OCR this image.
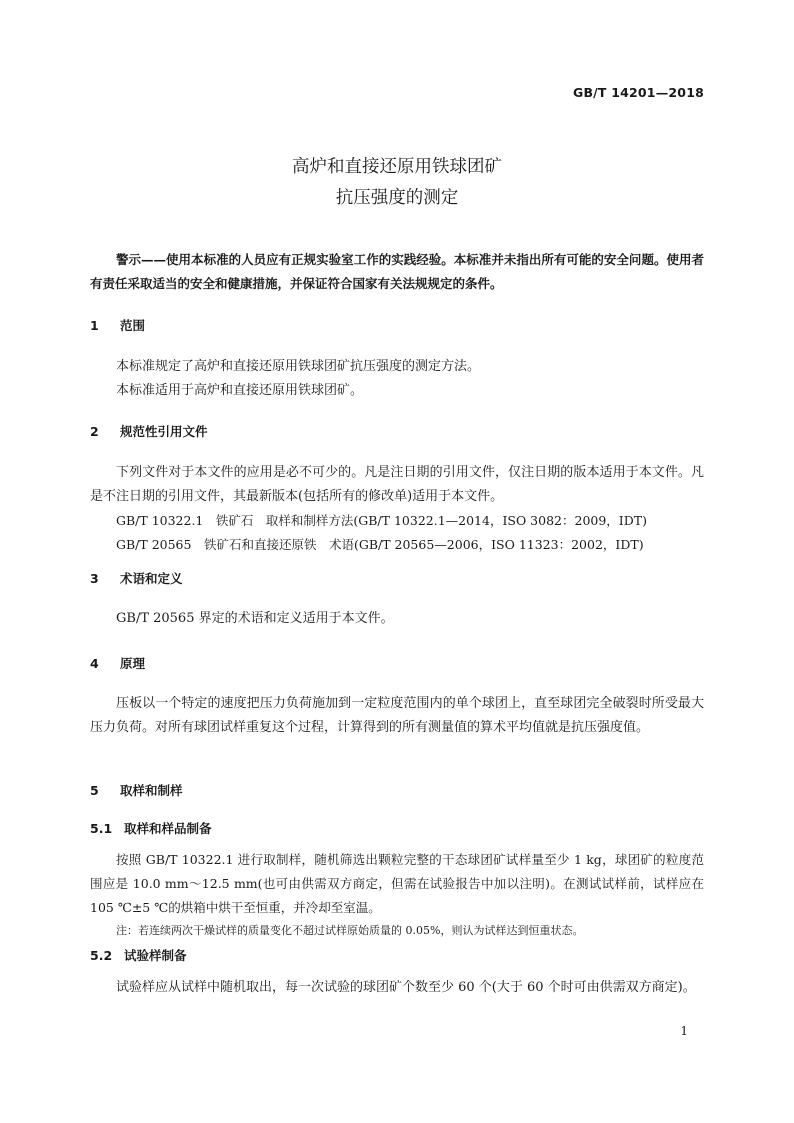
GB/T 14201—2018
高炉和直接还原用铁球团矿
抗压强度的测定

警示——使用本标准的人员应有正规实验室工作的实践经验。本标准并未指出所有可能的安全问题。使用者有责任采取适当的安全和健康措施，并保证符合国家有关法规规定的条件。

1 范围

本标准规定了高炉和直接还原用铁球团矿抗压强度的测定方法。

本标准适用于高炉和直接还原用铁球团矿。

2 规范性引用文件

下列文件对于本文件的应用是必不可少的。凡是注日期的引用文件，仅注日期的版本适用于本文件。凡是不注日期的引用文件，其最新版本(包括所有的修改单)适用于本文件。

GB/T 10322.1　铁矿石　取样和制样方法(GB/T 10322.1—2014，ISO 3082：2009，IDT)

GB/T 20565　铁矿石和直接还原铁　术语(GB/T 20565—2006，ISO 11323：2002，IDT)

3 术语和定义

GB/T 20565 界定的术语和定义适用于本文件。

4 原理

压板以一个特定的速度把压力负荷施加到一定粒度范围内的单个球团上，直至球团完全破裂时所受最大压力负荷。对所有球团试样重复这个过程，计算得到的所有测量值的算术平均值就是抗压强度值。

5 取样和制样
5.1 取样和样品制备

按照 GB/T 10322.1 进行取制样，随机筛选出颗粒完整的干态球团矿试样量至少 1 kg，球团矿的粒度范围应是 10.0 mm～12.5 mm(也可由供需双方商定，但需在试验报告中加以注明)。在测试试样前，试样应在 105 ℃±5 ℃的烘箱中烘干至恒重，并冷却至室温。

注：若连续两次干燥试样的质量变化不超过试样原始质量的 0.05%，则认为试样达到恒重状态。

5.2 试验样制备

试验样应从试样中随机取出，每一次试验的球团矿个数至少 60 个(大于 60 个时可由供需双方商定)。

1
